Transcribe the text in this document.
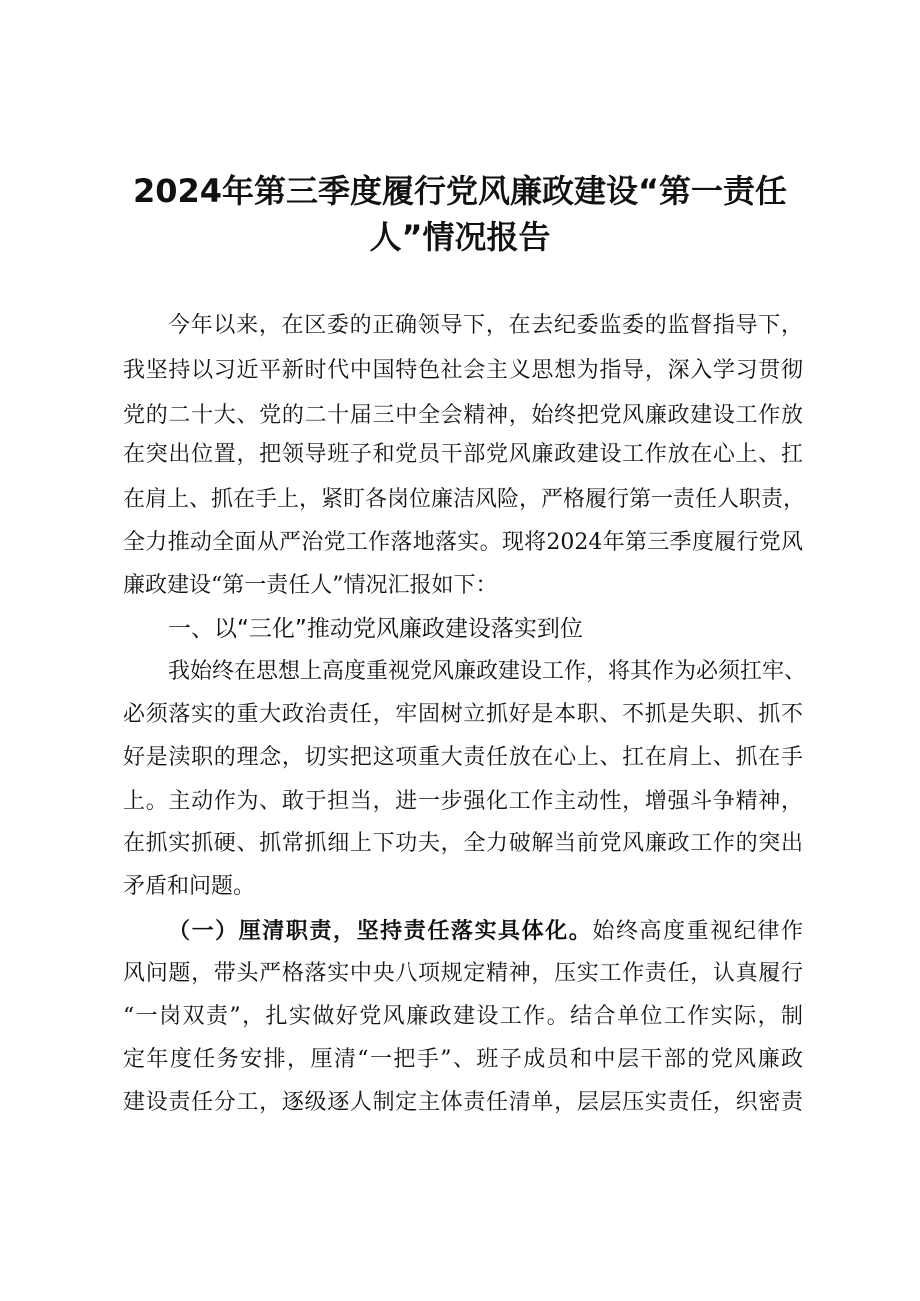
2024年第三季度履行党风廉政建设“第一责任
人”情况报告
今年以来，在区委的正确领导下，在去纪委监委的监督指导下，
我坚持以习近平新时代中国特色社会主义思想为指导，深入学习贯彻
党的二十大、党的二十届三中全会精神，始终把党风廉政建设工作放
在突出位置，把领导班子和党员干部党风廉政建设工作放在心上、扛
在肩上、抓在手上，紧盯各岗位廉洁风险，严格履行第一责任人职责，
全力推动全面从严治党工作落地落实。现将2024年第三季度履行党风
廉政建设“第一责任人”情况汇报如下：
一、以“三化”推动党风廉政建设落实到位
我始终在思想上高度重视党风廉政建设工作，将其作为必须扛牢、
必须落实的重大政治责任，牢固树立抓好是本职、不抓是失职、抓不
好是渎职的理念，切实把这项重大责任放在心上、扛在肩上、抓在手
上。主动作为、敢于担当，进一步强化工作主动性，增强斗争精神，
在抓实抓硬、抓常抓细上下功夫，全力破解当前党风廉政工作的突出
矛盾和问题。
（一）厘清职责，坚持责任落实具体化。始终高度重视纪律作
风问题，带头严格落实中央八项规定精神，压实工作责任，认真履行
“一岗双责”，扎实做好党风廉政建设工作。结合单位工作实际，制
定年度任务安排，厘清“一把手”、班子成员和中层干部的党风廉政
建设责任分工，逐级逐人制定主体责任清单，层层压实责任，织密责
